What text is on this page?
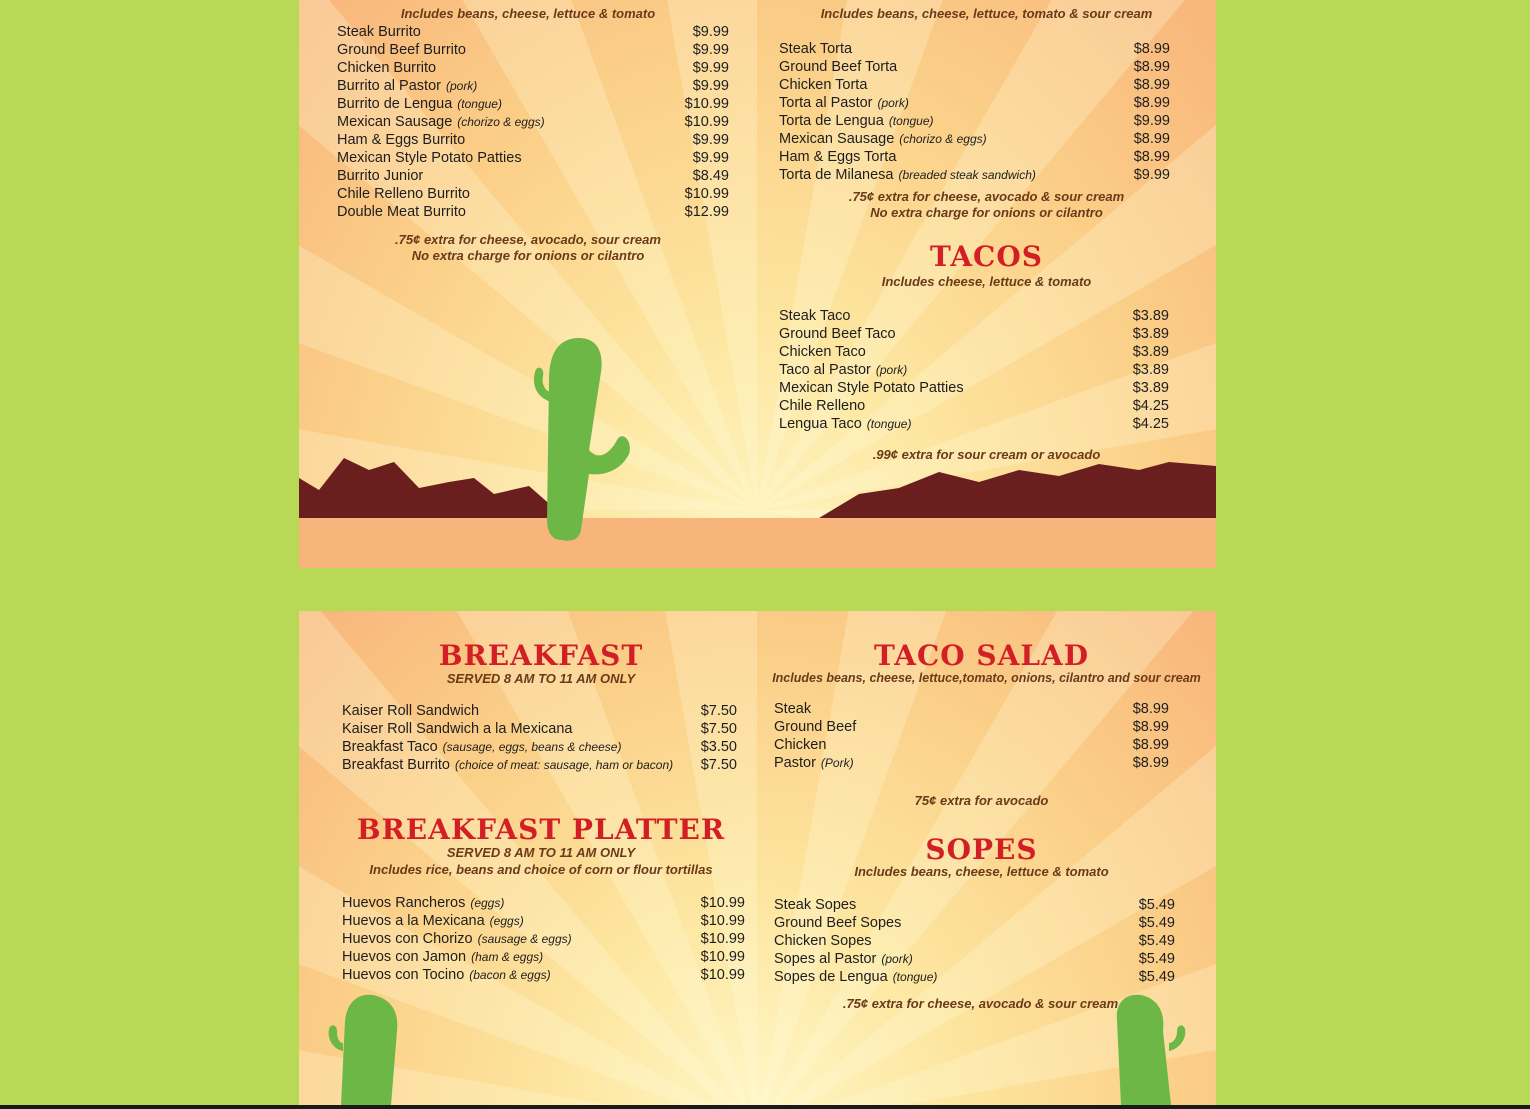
Includes beans, cheese, lettuce & tomato
Steak Burrito	$9.99
Ground Beef Burrito	$9.99
Chicken Burrito	$9.99
Burrito al Pastor (pork)	$9.99
Burrito de Lengua (tongue)	$10.99
Mexican Sausage (chorizo & eggs)	$10.99
Ham & Eggs Burrito	$9.99
Mexican Style Potato Patties	$9.99
Burrito Junior	$8.49
Chile Relleno Burrito	$10.99
Double Meat Burrito	$12.99
.75¢ extra for cheese, avocado, sour cream
No extra charge for onions or cilantro
Includes beans, cheese, lettuce, tomato & sour cream
Steak Torta	$8.99
Ground Beef Torta	$8.99
Chicken Torta	$8.99
Torta al Pastor (pork)	$8.99
Torta de Lengua (tongue)	$9.99
Mexican Sausage (chorizo & eggs)	$8.99
Ham & Eggs Torta	$8.99
Torta de Milanesa (breaded steak sandwich)	$9.99
.75¢ extra for cheese, avocado & sour cream
No extra charge for onions or cilantro
TACOS
Includes cheese, lettuce & tomato
Steak Taco	$3.89
Ground Beef Taco	$3.89
Chicken Taco	$3.89
Taco al Pastor (pork)	$3.89
Mexican Style Potato Patties	$3.89
Chile Relleno	$4.25
Lengua Taco (tongue)	$4.25
.99¢ extra for sour cream or avocado
BREAKFAST
SERVED 8 AM TO 11 AM ONLY
Kaiser Roll Sandwich	$7.50
Kaiser Roll Sandwich a la Mexicana	$7.50
Breakfast Taco (sausage, eggs, beans & cheese)	$3.50
Breakfast Burrito (choice of meat: sausage, ham or bacon) $7.50
BREAKFAST PLATTER
SERVED 8 AM TO 11 AM ONLY
Includes rice, beans and choice of corn or flour tortillas
Huevos Rancheros (eggs)	$10.99
Huevos a la Mexicana (eggs)	$10.99
Huevos con Chorizo (sausage & eggs)	$10.99
Huevos con Jamon (ham & eggs)	$10.99
Huevos con Tocino (bacon & eggs)	$10.99
TACO SALAD
Includes beans, cheese, lettuce,tomato, onions, cilantro and sour cream
Steak	$8.99
Ground Beef	$8.99
Chicken	$8.99
Pastor (Pork)	$8.99
75¢ extra for avocado
SOPES
Includes beans, cheese, lettuce & tomato
Steak Sopes	$5.49
Ground Beef Sopes	$5.49
Chicken Sopes	$5.49
Sopes al Pastor (pork)	$5.49
Sopes de Lengua (tongue)	$5.49
.75¢ extra for cheese, avocado & sour cream
